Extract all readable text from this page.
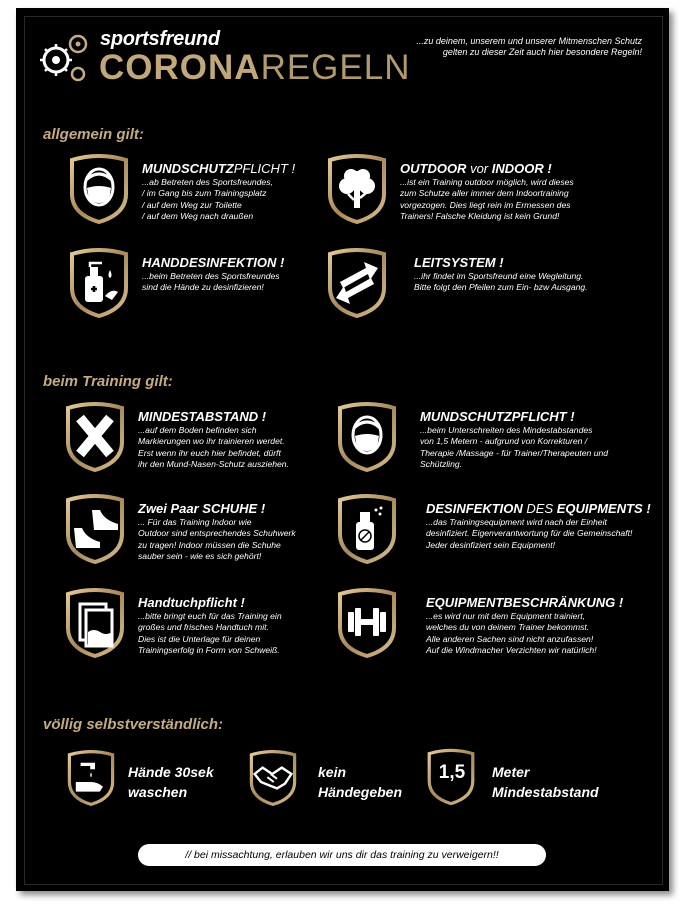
sportsfreund
CORONAREGELN
...zu deinem, unserem und unserer Mitmenschen Schutz gelten zu dieser Zeit auch hier besondere Regeln!
allgemein gilt:
MUNDSCHUTZPFLICHT !
...ab Betreten des Sportsfreundes,
/ im Gang bis zum Trainingsplatz
/ auf dem Weg zur Toilette
/ auf dem Weg nach draußen
OUTDOOR vor INDOOR !
...ist ein Training outdoor möglich, wird dieses
zum Schutze aller immer dem Indoortraining
vorgezogen. Dies liegt rein im Ermessen des
Trainers! Falsche Kleidung ist kein Grund!
HANDDESINFEKTION !
...beim Betreten des Sportsfreundes
sind die Hände zu desinfizieren!
LEITSYSTEM !
...ihr findet im Sportsfreund eine Wegleitung.
Bitte folgt den Pfeilen zum Ein- bzw Ausgang.
beim Training gilt:
MINDESTABSTAND !
...auf dem Boden befinden sich
Markierungen wo ihr trainieren werdet.
Erst wenn ihr euch hier befindet, dürft
ihr den Mund-Nasen-Schutz ausziehen.
MUNDSCHUTZPFLICHT !
...beim Unterschreiten des Mindestabstandes
von 1,5 Metern - aufgrund von Korrekturen /
Therapie /Massage - für Trainer/Therapeuten und
Schützling.
Zwei Paar SCHUHE !
... Für das Training Indoor wie
Outdoor sind entsprechendes Schuhwerk
zu tragen! Indoor müssen die Schuhe
sauber sein - wie es sich gehört!
DESINFEKTION DES EQUIPMENTS !
...das Trainingsequipment wird nach der Einheit
desinfiziert. Eigenverantwortung für die Gemeinschaft!
Jeder desinfiziert sein Equipment!
Handtuchpflicht !
...bitte bringt euch für das Training ein
großes und frisches Handtuch mit.
Dies ist die Unterlage für deinen
Trainingserfolg in Form von Schweiß.
EQUIPMENTBESCHRÄNKUNG !
...es wird nur mit dem Equipment trainiert,
welches du von deinem Trainer bekommst.
Alle anderen Sachen sind nicht anzufassen!
Auf die Windmacher Verzichten wir natürlich!
völlig selbstverständlich:
Hände 30sek
waschen
kein
Händegeben
1,5	Meter
Mindestabstand
// bei missachtung, erlauben wir uns dir das training zu verweigern!!
